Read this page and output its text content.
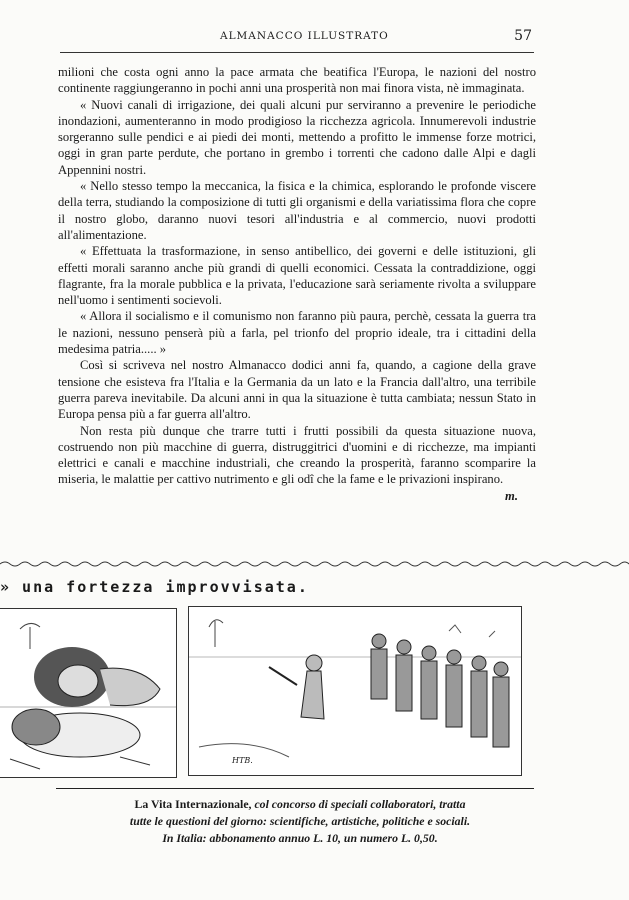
ALMANACCO ILLUSTRATO	57

milioni che costa ogni anno la pace armata che beatifica l'Europa, le nazioni del nostro continente raggiungeranno in pochi anni una prosperità non mai finora vista, nè immaginata.

« Nuovi canali di irrigazione, dei quali alcuni pur serviranno a prevenire le periodiche inondazioni, aumenteranno in modo prodigioso la ricchezza agricola. Innumerevoli industrie sorgeranno sulle pendici e ai piedi dei monti, mettendo a profitto le immense forze motrici, oggi in gran parte perdute, che portano in grembo i torrenti che cadono dalle Alpi e dagli Appennini nostri.

« Nello stesso tempo la meccanica, la fisica e la chimica, esplorando le profonde viscere della terra, studiando la composizione di tutti gli organismi e della variatissima flora che copre il nostro globo, daranno nuovi tesori all'industria e al commercio, nuovi prodotti all'alimentazione.

« Effettuata la trasformazione, in senso antibellico, dei governi e delle istituzioni, gli effetti morali saranno anche più grandi di quelli economici. Cessata la contraddizione, oggi flagrante, fra la morale pubblica e la privata, l'educazione sarà seriamente rivolta a sviluppare nell'uomo i sentimenti socievoli.

« Allora il socialismo e il comunismo non faranno più paura, perchè, cessata la guerra tra le nazioni, nessuno penserà più a farla, pel trionfo del proprio ideale, tra i cittadini della medesima patria..... »

Così si scriveva nel nostro Almanacco dodici anni fa, quando, a cagione della grave tensione che esisteva fra l'Italia e la Germania da un lato e la Francia dall'altro, una terribile guerra pareva inevitabile. Da alcuni anni in qua la situazione è tutta cambiata; nessun Stato in Europa pensa più a far guerra all'altro.

Non resta più dunque che trarre tutti i frutti possibili da questa situazione nuova, costruendo non più macchine di guerra, distruggitrici d'uomini e di ricchezze, ma impianti elettrici e canali e macchine industriali, che creando la prosperità, faranno scomparire la miseria, le malattie per cattivo nutrimento e gli odî che la fame e le privazioni inspirano.
m.

» una fortezza improvvisata.
HTB.
La Vita Internazionale, col concorso di speciali collaboratori, tratta
tutte le questioni del giorno: scientifiche, artistiche, politiche e sociali.
In Italia: abbonamento annuo L. 10, un numero L. 0,50.
